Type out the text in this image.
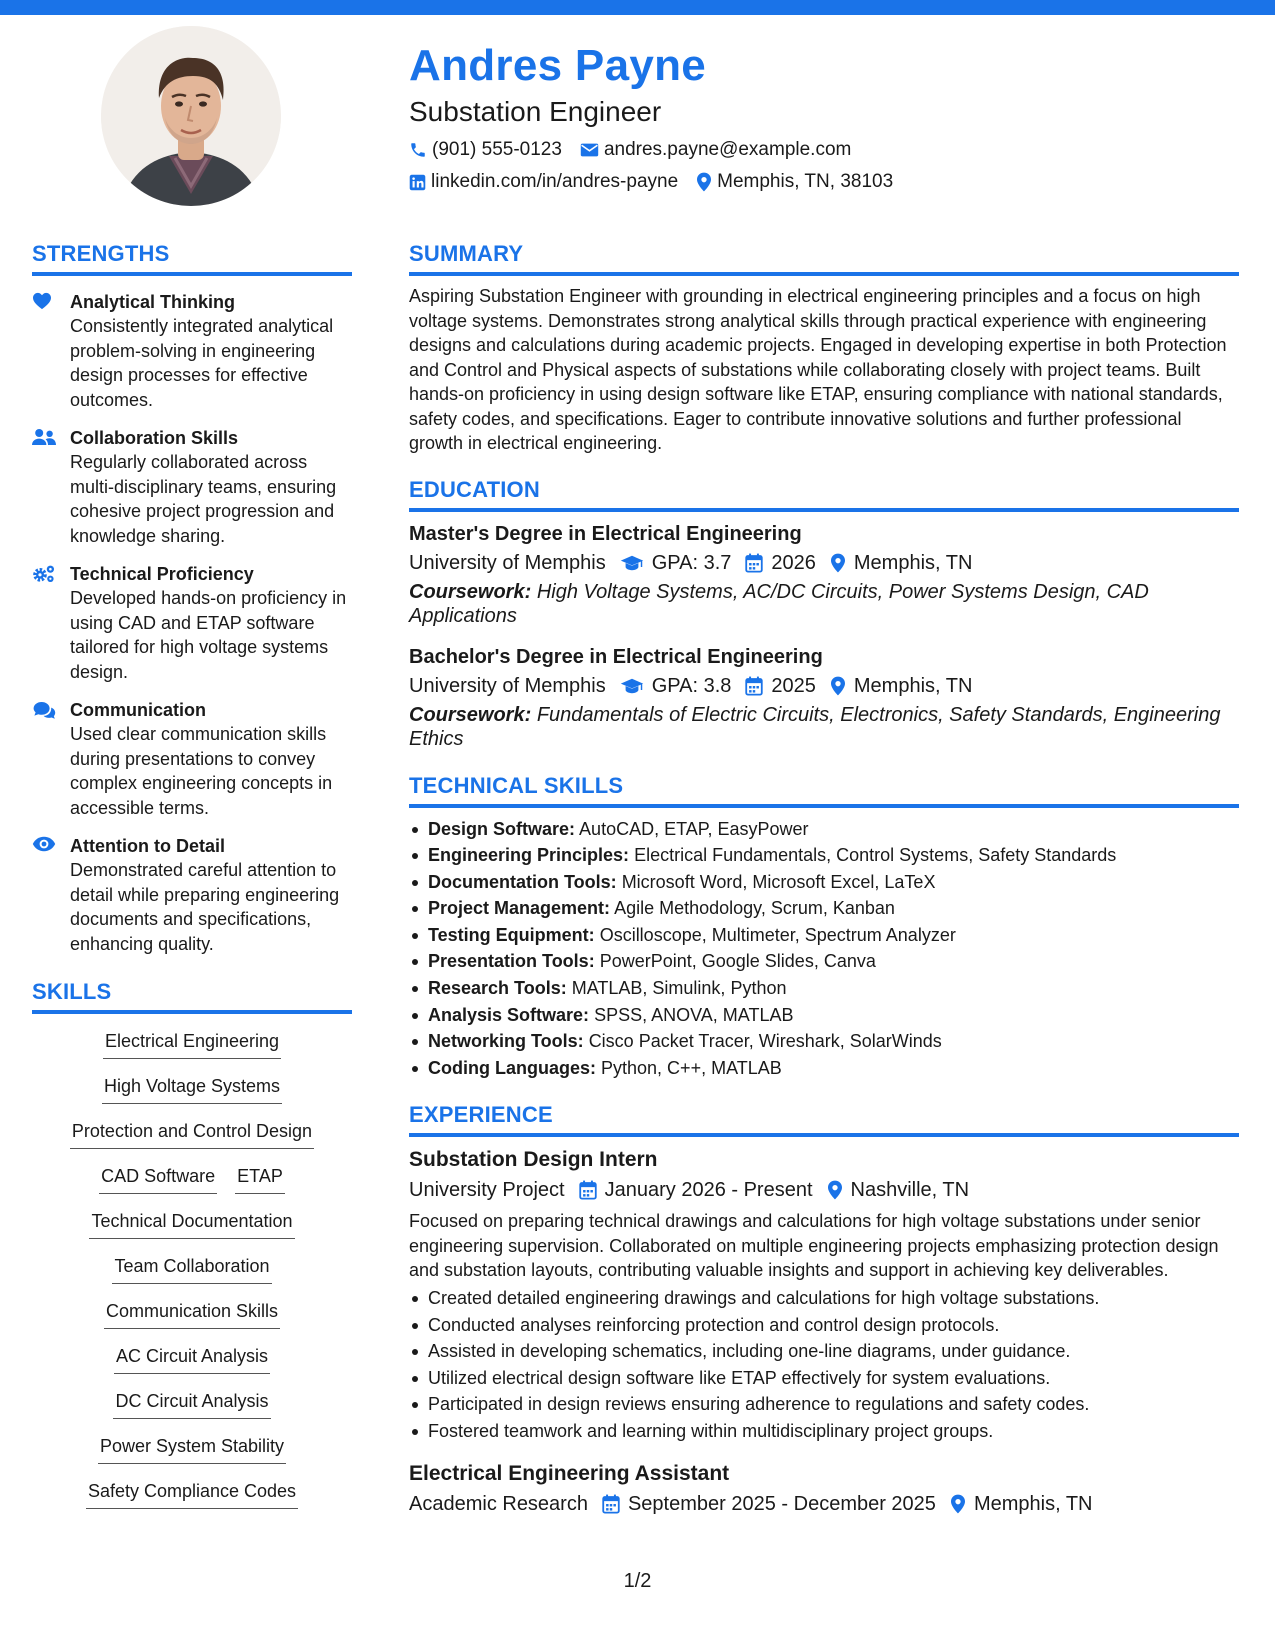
Andres Payne
Substation Engineer
(901) 555-0123 andres.payne@example.com
linkedin.com/in/andres-payne Memphis, TN, 38103
STRENGTHS
Analytical Thinking
Consistently integrated analytical problem-solving in engineering design processes for effective outcomes.
Collaboration Skills
Regularly collaborated across multi-disciplinary teams, ensuring cohesive project progression and knowledge sharing.
Technical Proficiency
Developed hands-on proficiency in using CAD and ETAP software tailored for high voltage systems design.
Communication
Used clear communication skills during presentations to convey complex engineering concepts in accessible terms.
Attention to Detail
Demonstrated careful attention to detail while preparing engineering documents and specifications, enhancing quality.
SKILLS
Electrical Engineering
High Voltage Systems
Protection and Control Design
CAD Software ETAP
Technical Documentation
Team Collaboration
Communication Skills
AC Circuit Analysis
DC Circuit Analysis
Power System Stability
Safety Compliance Codes
SUMMARY
Aspiring Substation Engineer with grounding in electrical engineering principles and a focus on high voltage systems. Demonstrates strong analytical skills through practical experience with engineering designs and calculations during academic projects. Engaged in developing expertise in both Protection and Control and Physical aspects of substations while collaborating closely with project teams. Built hands-on proficiency in using design software like ETAP, ensuring compliance with national standards, safety codes, and specifications. Eager to contribute innovative solutions and further professional growth in electrical engineering.
EDUCATION
Master's Degree in Electrical Engineering
University of Memphis GPA: 3.7 2026 Memphis, TN
Coursework: High Voltage Systems, AC/DC Circuits, Power Systems Design, CAD Applications
Bachelor's Degree in Electrical Engineering
University of Memphis GPA: 3.8 2025 Memphis, TN
Coursework: Fundamentals of Electric Circuits, Electronics, Safety Standards, Engineering Ethics
TECHNICAL SKILLS
Design Software: AutoCAD, ETAP, EasyPower
Engineering Principles: Electrical Fundamentals, Control Systems, Safety Standards
Documentation Tools: Microsoft Word, Microsoft Excel, LaTeX
Project Management: Agile Methodology, Scrum, Kanban
Testing Equipment: Oscilloscope, Multimeter, Spectrum Analyzer
Presentation Tools: PowerPoint, Google Slides, Canva
Research Tools: MATLAB, Simulink, Python
Analysis Software: SPSS, ANOVA, MATLAB
Networking Tools: Cisco Packet Tracer, Wireshark, SolarWinds
Coding Languages: Python, C++, MATLAB
EXPERIENCE
Substation Design Intern
University Project January 2026 - Present Nashville, TN
Focused on preparing technical drawings and calculations for high voltage substations under senior engineering supervision. Collaborated on multiple engineering projects emphasizing protection design and substation layouts, contributing valuable insights and support in achieving key deliverables.
Created detailed engineering drawings and calculations for high voltage substations.
Conducted analyses reinforcing protection and control design protocols.
Assisted in developing schematics, including one-line diagrams, under guidance.
Utilized electrical design software like ETAP effectively for system evaluations.
Participated in design reviews ensuring adherence to regulations and safety codes.
Fostered teamwork and learning within multidisciplinary project groups.
Electrical Engineering Assistant
Academic Research September 2025 - December 2025 Memphis, TN
1/2
